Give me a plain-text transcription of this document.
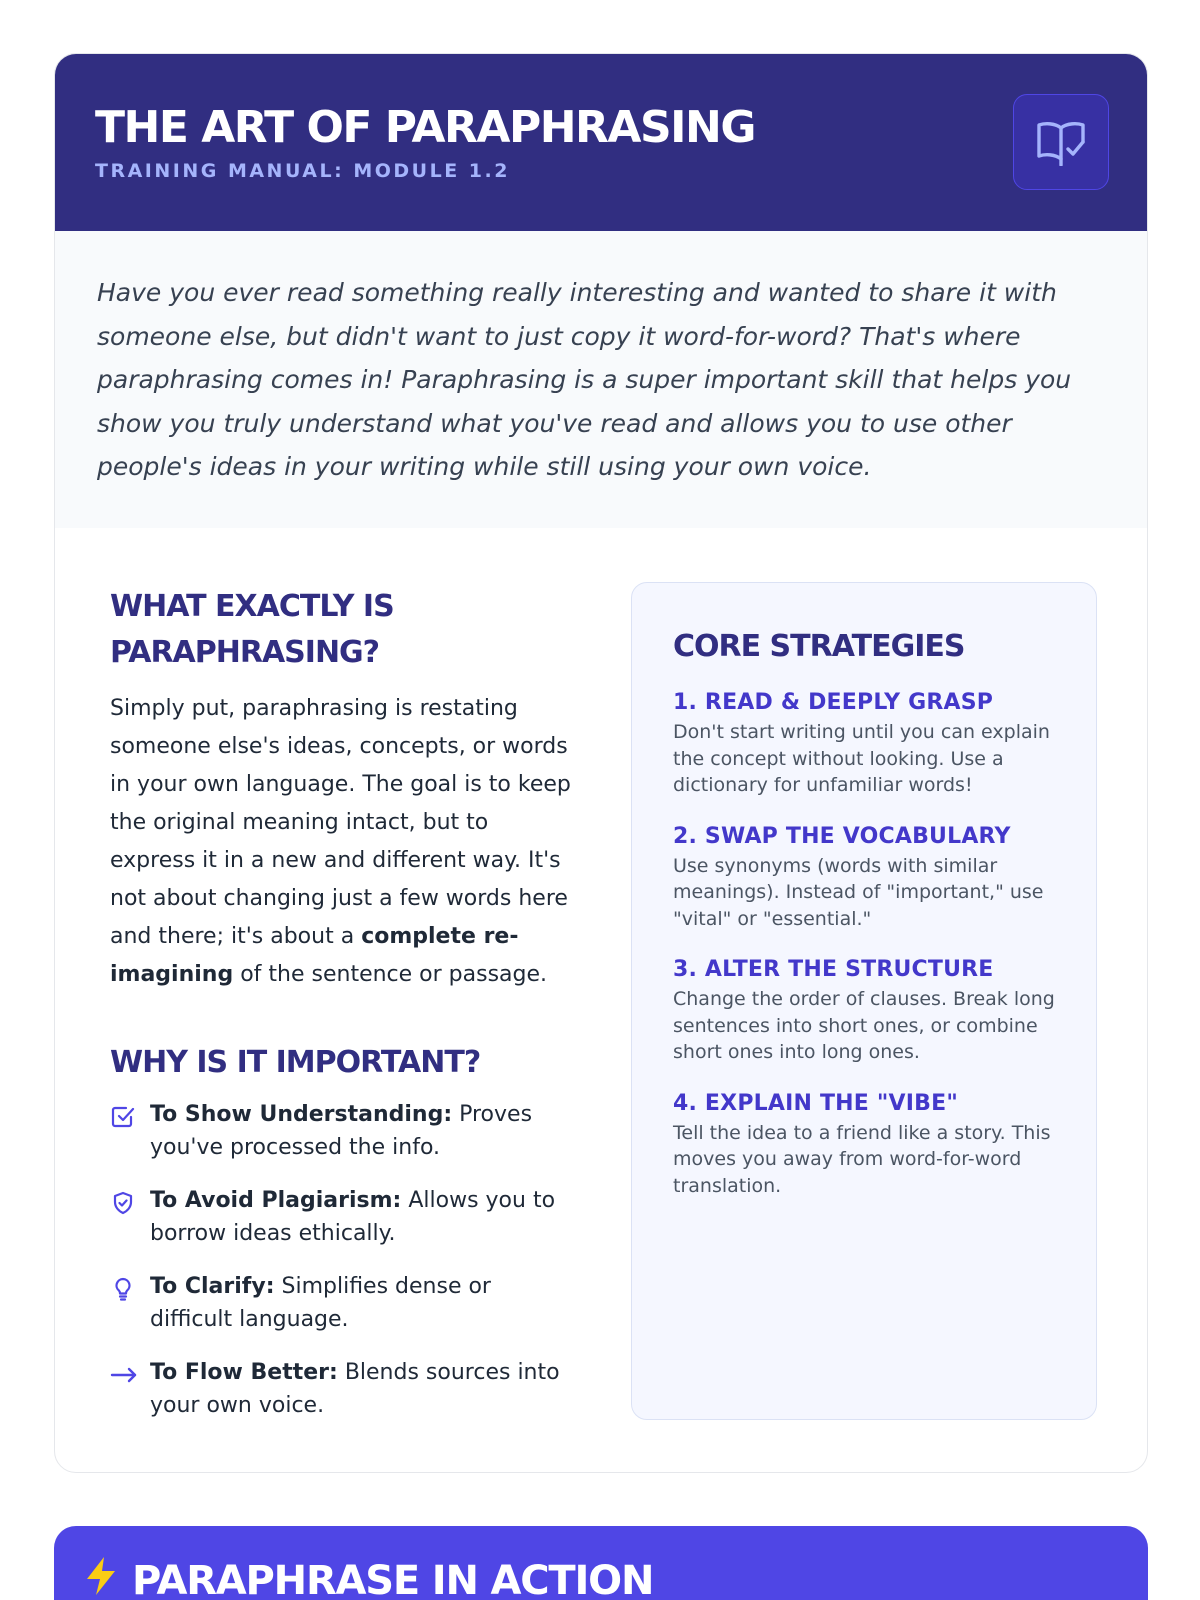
THE ART OF PARAPHRASING
TRAINING MANUAL: MODULE 1.2

Have you ever read something really interesting and wanted to share it with someone else, but didn't want to just copy it word-for-word? That's where paraphrasing comes in! Paraphrasing is a super important skill that helps you show you truly understand what you've read and allows you to use other people's ideas in your writing while still using your own voice.

WHAT EXACTLY IS PARAPHRASING?

Simply put, paraphrasing is restating someone else's ideas, concepts, or words in your own language. The goal is to keep the original meaning intact, but to express it in a new and different way. It's not about changing just a few words here and there; it's about a complete re-imagining of the sentence or passage.

WHY IS IT IMPORTANT?
To Show Understanding: Proves you've processed the info.
To Avoid Plagiarism: Allows you to borrow ideas ethically.
To Clarify: Simplifies dense or difficult language.
To Flow Better: Blends sources into your own voice.
CORE STRATEGIES
1. READ & DEEPLY GRASP
Don't start writing until you can explain the concept without looking. Use a dictionary for unfamiliar words!
2. SWAP THE VOCABULARY
Use synonyms (words with similar meanings). Instead of "important," use "vital" or "essential."
3. ALTER THE STRUCTURE
Change the order of clauses. Break long sentences into short ones, or combine short ones into long ones.
4. EXPLAIN THE "VIBE"
Tell the idea to a friend like a story. This moves you away from word-for-word translation.
PARAPHRASE IN ACTION
